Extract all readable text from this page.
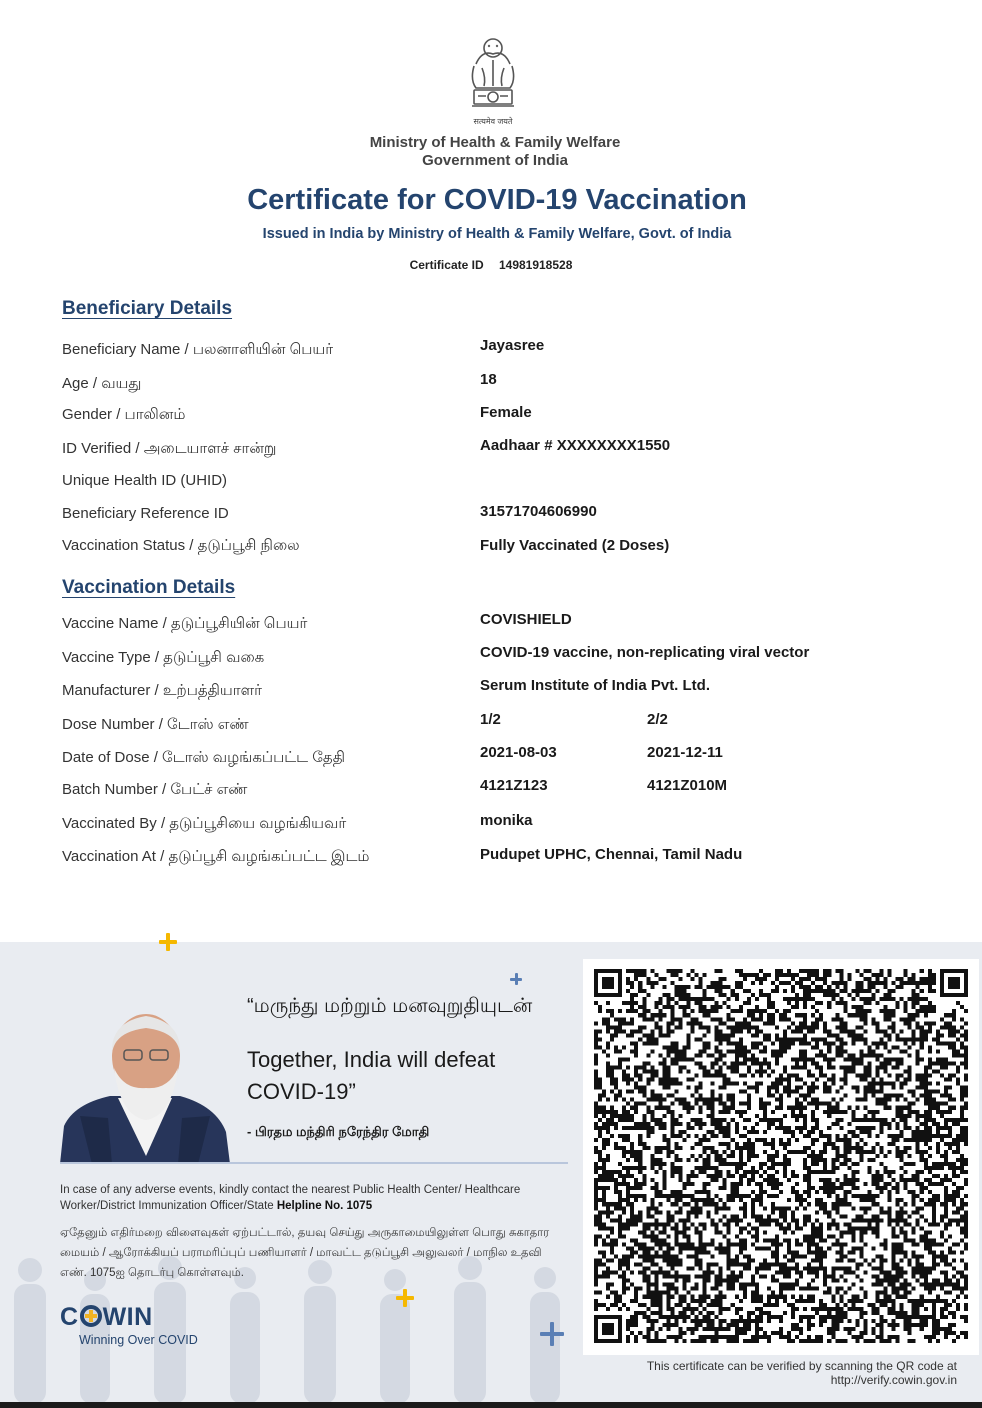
सत्यमेव जयते
Ministry of Health & Family Welfare
Government of India
Certificate for COVID-19 Vaccination
Issued in India by Ministry of Health & Family Welfare, Govt. of India
Certificate ID 14981918528
Beneficiary Details
Beneficiary Name / பலனாளியின் பெயர்	Jayasree
Age / வயது	18
Gender / பாலினம்	Female
ID Verified / அடையாளச் சான்று	Aadhaar # XXXXXXXX1550
Unique Health ID (UHID)
Beneficiary Reference ID	31571704606990
Vaccination Status / தடுப்பூசி நிலை	Fully Vaccinated (2 Doses)
Vaccination Details
Vaccine Name / தடுப்பூசியின் பெயர்	COVISHIELD
Vaccine Type / தடுப்பூசி வகை	COVID-19 vaccine, non-replicating viral vector
Manufacturer / உற்பத்தியாளர்	Serum Institute of India Pvt. Ltd.
Dose Number / டோஸ் எண்	1/2	2/2
Date of Dose / டோஸ் வழங்கப்பட்ட தேதி	2021-08-03	2021-12-11
Batch Number / பேட்ச் எண்	4121Z123	4121Z010M
Vaccinated By / தடுப்பூசியை வழங்கியவர்	monika
Vaccination At / தடுப்பூசி வழங்கப்பட்ட இடம்	Pudupet UPHC, Chennai, Tamil Nadu
“மருந்து மற்றும் மனவுறுதியுடன்
Together, India will defeat COVID-19”
- பிரதம மந்திரி நரேந்திர மோதி
In case of any adverse events, kindly contact the nearest Public Health Center/ Healthcare Worker/District Immunization Officer/State Helpline No. 1075
ஏதேனும் எதிர்மறை விளைவுகள் ஏற்பட்டால், தயவு செய்து அருகாமையிலுள்ள பொது சுகாதார மையம் / ஆரோக்கியப் பராமரிப்புப் பணியாளர் / மாவட்ட தடுப்பூசி அலுவலர் / மாநில உதவி எண். 1075ஐ தொடர்பு கொள்ளவும்.
C WIN
Winning Over COVID
This certificate can be verified by scanning the QR code at
http://verify.cowin.gov.in
